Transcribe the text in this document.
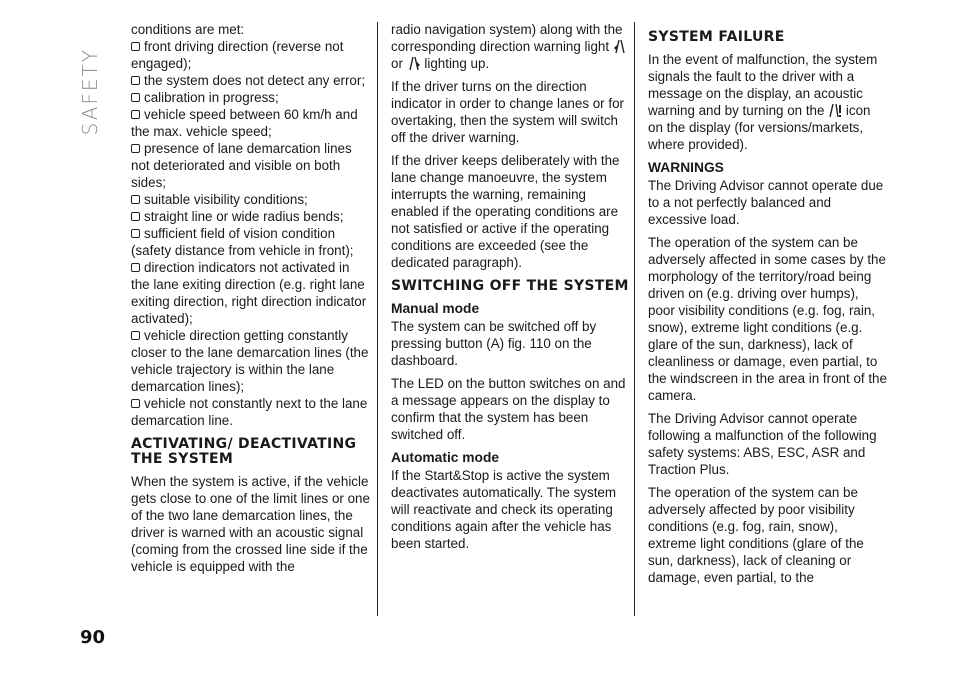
SAFETY

conditions are met:

front driving direction (reverse not engaged);
the system does not detect any error;
calibration in progress;
vehicle speed between 60 km/h and the max. vehicle speed;
presence of lane demarcation lines not deteriorated and visible on both sides;
suitable visibility conditions;
straight line or wide radius bends;
sufficient field of vision condition (safety distance from vehicle in front);
direction indicators not activated in the lane exiting direction (e.g. right lane exiting direction, right direction indicator activated);
vehicle direction getting constantly closer to the lane demarcation lines (the vehicle trajectory is within the lane demarcation lines);
vehicle not constantly next to the lane demarcation line.
ACTIVATING/ DEACTIVATING THE SYSTEM

When the system is active, if the vehicle gets close to one of the limit lines or one of the two lane demarcation lines, the driver is warned with an acoustic signal (coming from the crossed line side if the vehicle is equipped with the

radio navigation system) along with the corresponding direction warning light  or lighting up.

If the driver turns on the direction indicator in order to change lanes or for overtaking, then the system will switch off the driver warning.

If the driver keeps deliberately with the lane change manoeuvre, the system interrupts the warning, remaining enabled if the operating conditions are not satisfied or active if the operating conditions are exceeded (see the dedicated paragraph).

SWITCHING OFF THE SYSTEM
Manual mode

The system can be switched off by pressing button (A) fig. 110 on the dashboard.

The LED on the button switches on and a message appears on the display to confirm that the system has been switched off.

Automatic mode

If the Start&Stop is active the system deactivates automatically. The system will reactivate and check its operating conditions again after the vehicle has been started.

SYSTEM FAILURE

In the event of malfunction, the system signals the fault to the driver with a message on the display, an acoustic warning and by turning on the icon on the display (for versions/markets, where provided).

WARNINGS

The Driving Advisor cannot operate due to a not perfectly balanced and excessive load.

The operation of the system can be adversely affected in some cases by the morphology of the territory/road being driven on (e.g. driving over humps), poor visibility conditions (e.g. fog, rain, snow), extreme light conditions (e.g. glare of the sun, darkness), lack of cleanliness or damage, even partial, to the windscreen in the area in front of the camera.

The Driving Advisor cannot operate following a malfunction of the following safety systems: ABS, ESC, ASR and Traction Plus.

The operation of the system can be adversely affected by poor visibility conditions (e.g. fog, rain, snow), extreme light conditions (glare of the sun, darkness), lack of cleaning or damage, even partial, to the

90
